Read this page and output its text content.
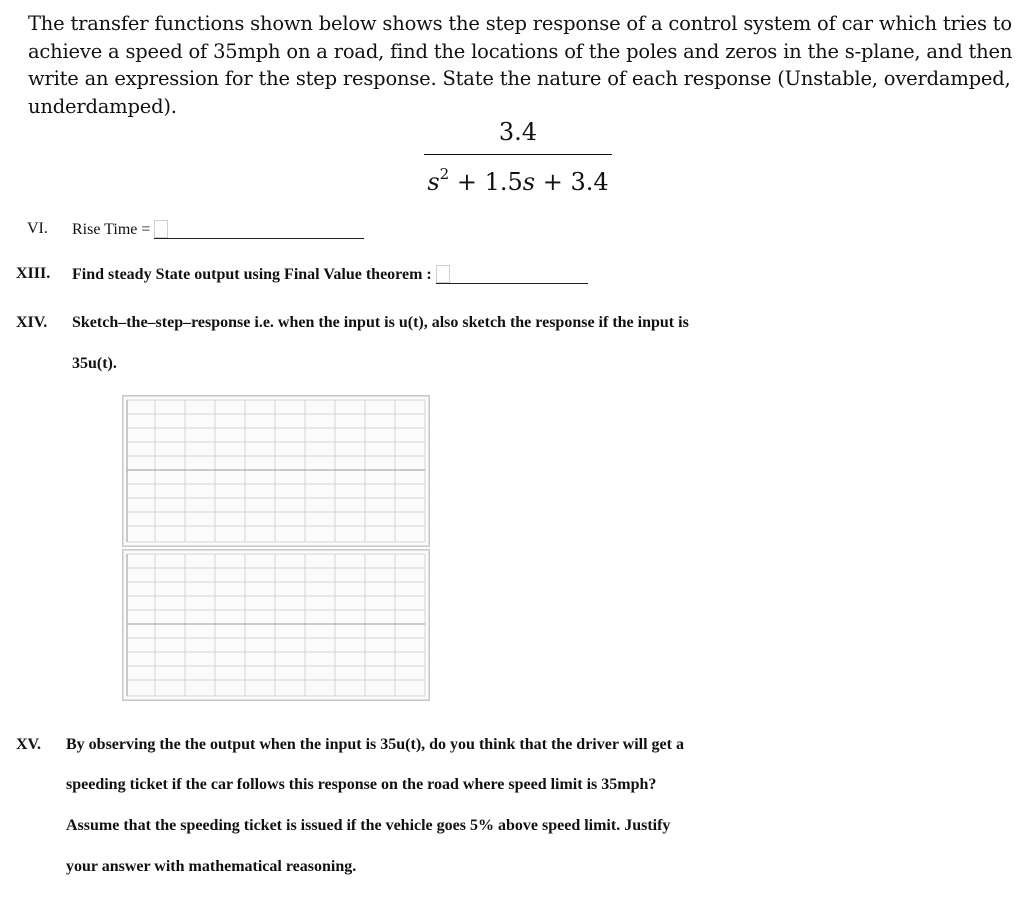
The transfer functions shown below shows the step response of a control system of car which tries to achieve a speed of 35mph on a road, find the locations of the poles and zeros in the s-plane, and then write an expression for the step response. State the nature of each response (Unstable, overdamped, underdamped).
3.4
$s^2 + 1.5s + 3.4$
VI. Rise Time =
XIII. Find steady State output using Final Value theorem :
XIV. Sketch–the–step–response i.e. when the input is u(t), also sketch the response if the input is
35u(t).
XV. By observing the the output when the input is 35u(t), do you think that the driver will get a
speeding ticket if the car follows this response on the road where speed limit is 35mph?
Assume that the speeding ticket is issued if the vehicle goes 5% above speed limit. Justify
your answer with mathematical reasoning.
